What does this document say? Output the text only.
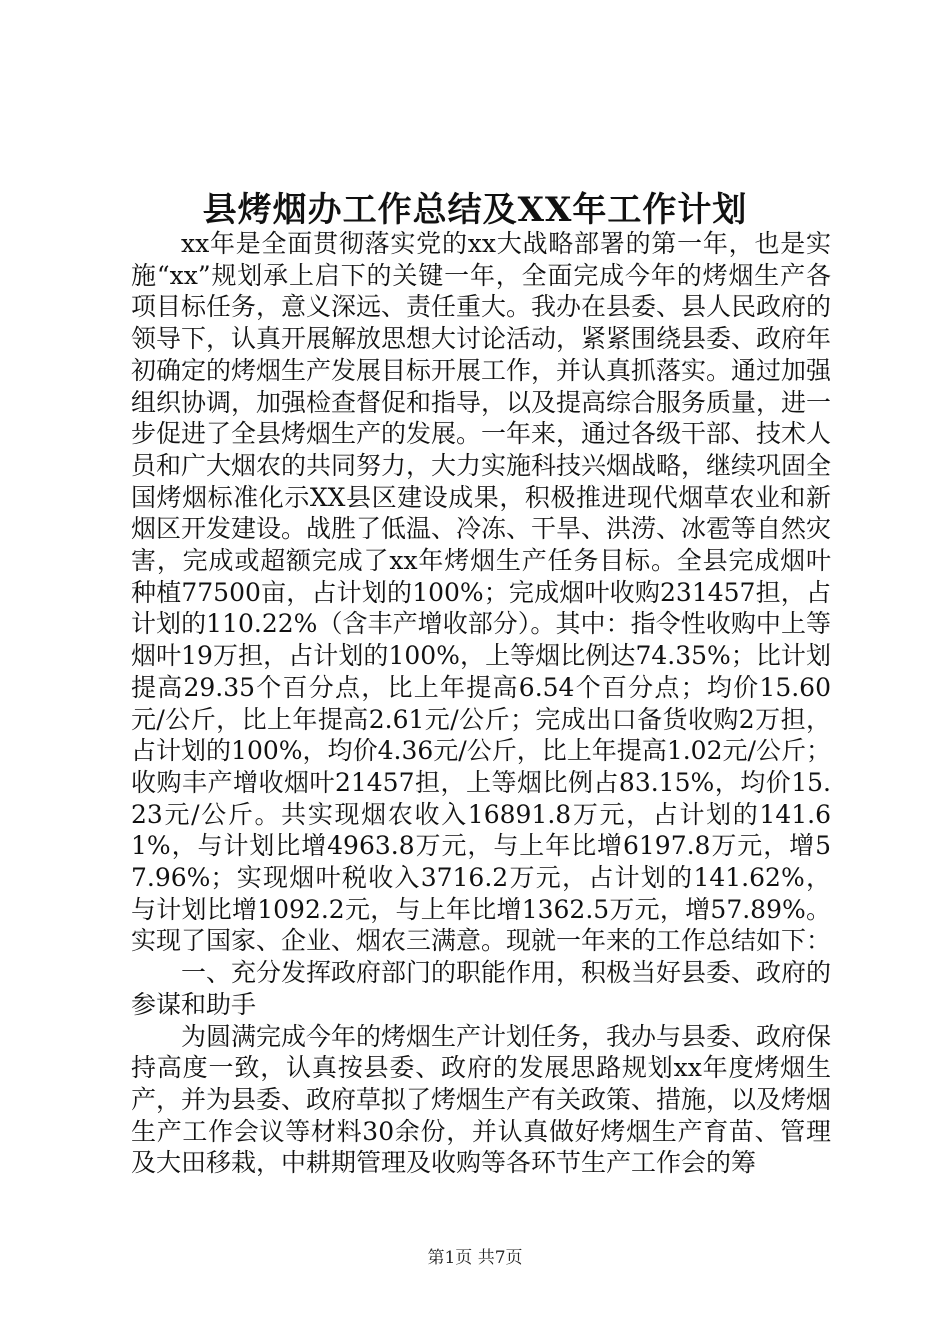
县烤烟办工作总结及XX年工作计划

xx年是全面贯彻落实党的xx大战略部署的第一年，也是实施“xx”规划承上启下的关键一年，全面完成今年的烤烟生产各项目标任务，意义深远、责任重大。我办在县委、县人民政府的领导下，认真开展解放思想大讨论活动，紧紧围绕县委、政府年初确定的烤烟生产发展目标开展工作，并认真抓落实。通过加强组织协调，加强检查督促和指导，以及提高综合服务质量，进一步促进了全县烤烟生产的发展。一年来，通过各级干部、技术人员和广大烟农的共同努力，大力实施科技兴烟战略，继续巩固全国烤烟标准化示XX县区建设成果，积极推进现代烟草农业和新烟区开发建设。战胜了低温、冷冻、干旱、洪涝、冰雹等自然灾害，完成或超额完成了xx年烤烟生产任务目标。全县完成烟叶种植77500亩，占计划的100%；完成烟叶收购231457担，占计划的110.22%（含丰产增收部分）。其中：指令性收购中上等烟叶19万担，占计划的100%，上等烟比例达74.35%；比计划提高29.35个百分点，比上年提高6.54个百分点；均价15.60元/公斤，比上年提高2.61元/公斤；完成出口备货收购2万担，占计划的100%，均价4.36元/公斤，比上年提高1.02元/公斤；收购丰产增收烟叶21457担，上等烟比例占83.15%，均价15.23元/公斤。共实现烟农收入16891.8万元，占计划的141.61%，与计划比增4963.8万元，与上年比增6197.8万元，增57.96%；实现烟叶税收入3716.2万元，占计划的141.62%，与计划比增1092.2元，与上年比增1362.5万元，增57.89%。实现了国家、企业、烟农三满意。现就一年来的工作总结如下：

一、充分发挥政府部门的职能作用，积极当好县委、政府的参谋和助手

为圆满完成今年的烤烟生产计划任务，我办与县委、政府保持高度一致，认真按县委、政府的发展思路规划xx年度烤烟生产，并为县委、政府草拟了烤烟生产有关政策、措施，以及烤烟生产工作会议等材料30余份，并认真做好烤烟生产育苗、管理及大田移栽，中耕期管理及收购等各环节生产工作会的筹

第1页 共7页
